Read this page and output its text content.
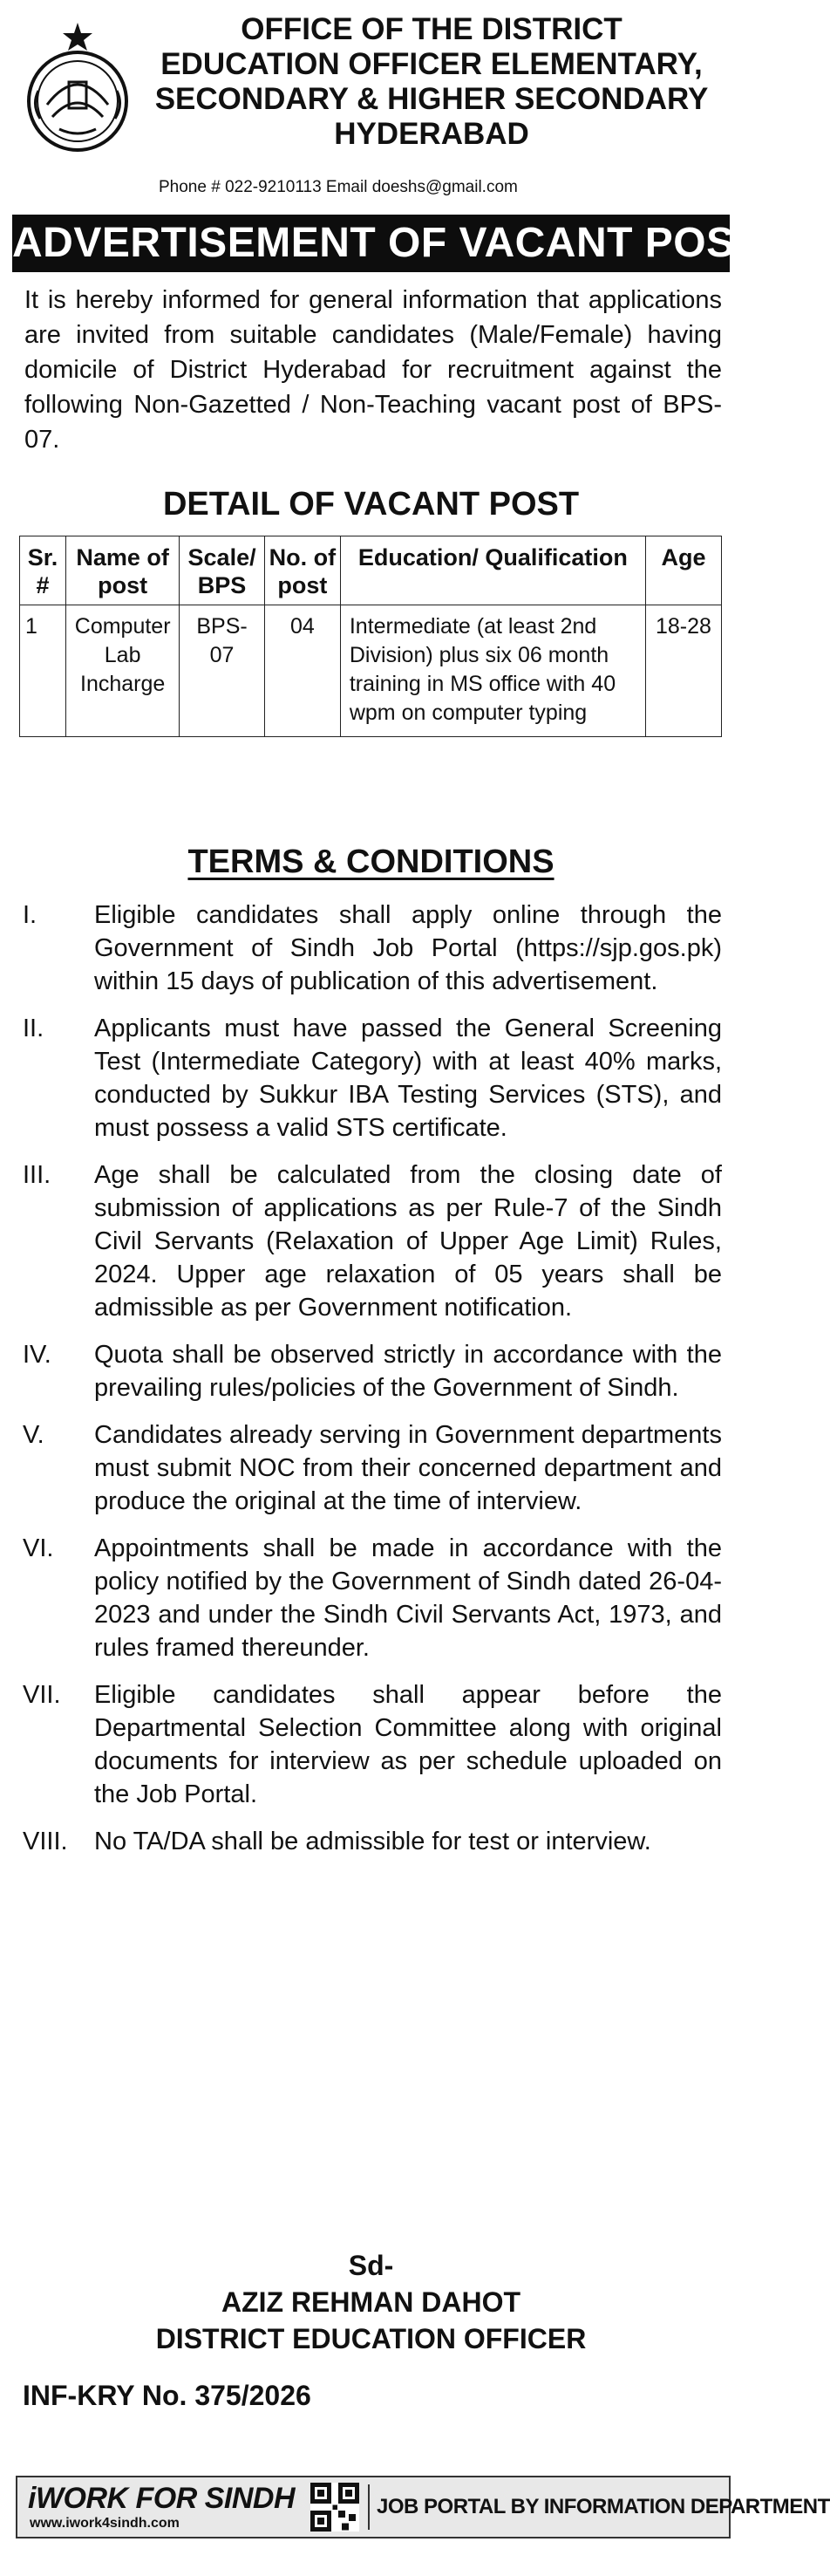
OFFICE OF THE DISTRICT
EDUCATION OFFICER ELEMENTARY,
SECONDARY & HIGHER SECONDARY
HYDERABAD
Phone # 022-9210113 Email doeshs@gmail.com
ADVERTISEMENT OF VACANT POSTS
It is hereby informed for general information that applications are invited from suitable candidates (Male/Female) having domicile of District Hyderabad for recruitment against the following Non-Gazetted / Non-Teaching vacant post of BPS-07.
DETAIL OF VACANT POST
Sr. #	Name of post	Scale/ BPS	No. of post	Education/ Qualification	Age
1	Computer Lab Incharge	BPS-07	04	Intermediate (at least 2nd Division) plus six 06 month training in MS office with 40 wpm on computer typing	18-28
TERMS & CONDITIONS
I. Eligible candidates shall apply online through the Government of Sindh Job Portal (https://sjp.gos.pk) within 15 days of publication of this advertisement.
II. Applicants must have passed the General Screening Test (Intermediate Category) with at least 40% marks, conducted by Sukkur IBA Testing Services (STS), and must possess a valid STS certificate.
III. Age shall be calculated from the closing date of submission of applications as per Rule-7 of the Sindh Civil Servants (Relaxation of Upper Age Limit) Rules, 2024. Upper age relaxation of 05 years shall be admissible as per Government notification.
IV. Quota shall be observed strictly in accordance with the prevailing rules/policies of the Government of Sindh.
V. Candidates already serving in Government departments must submit NOC from their concerned department and produce the original at the time of interview.
VI. Appointments shall be made in accordance with the policy notified by the Government of Sindh dated 26-04-2023 and under the Sindh Civil Servants Act, 1973, and rules framed thereunder.
VII. Eligible candidates shall appear before the Departmental Selection Committee along with original documents for interview as per schedule uploaded on the Job Portal.
VIII. No TA/DA shall be admissible for test or interview.
Sd-
AZIZ REHMAN DAHOT
DISTRICT EDUCATION OFFICER
INF-KRY No. 375/2026
iWORK FOR SINDH
www.iwork4sindh.com
JOB PORTAL BY INFORMATION DEPARTMENT
